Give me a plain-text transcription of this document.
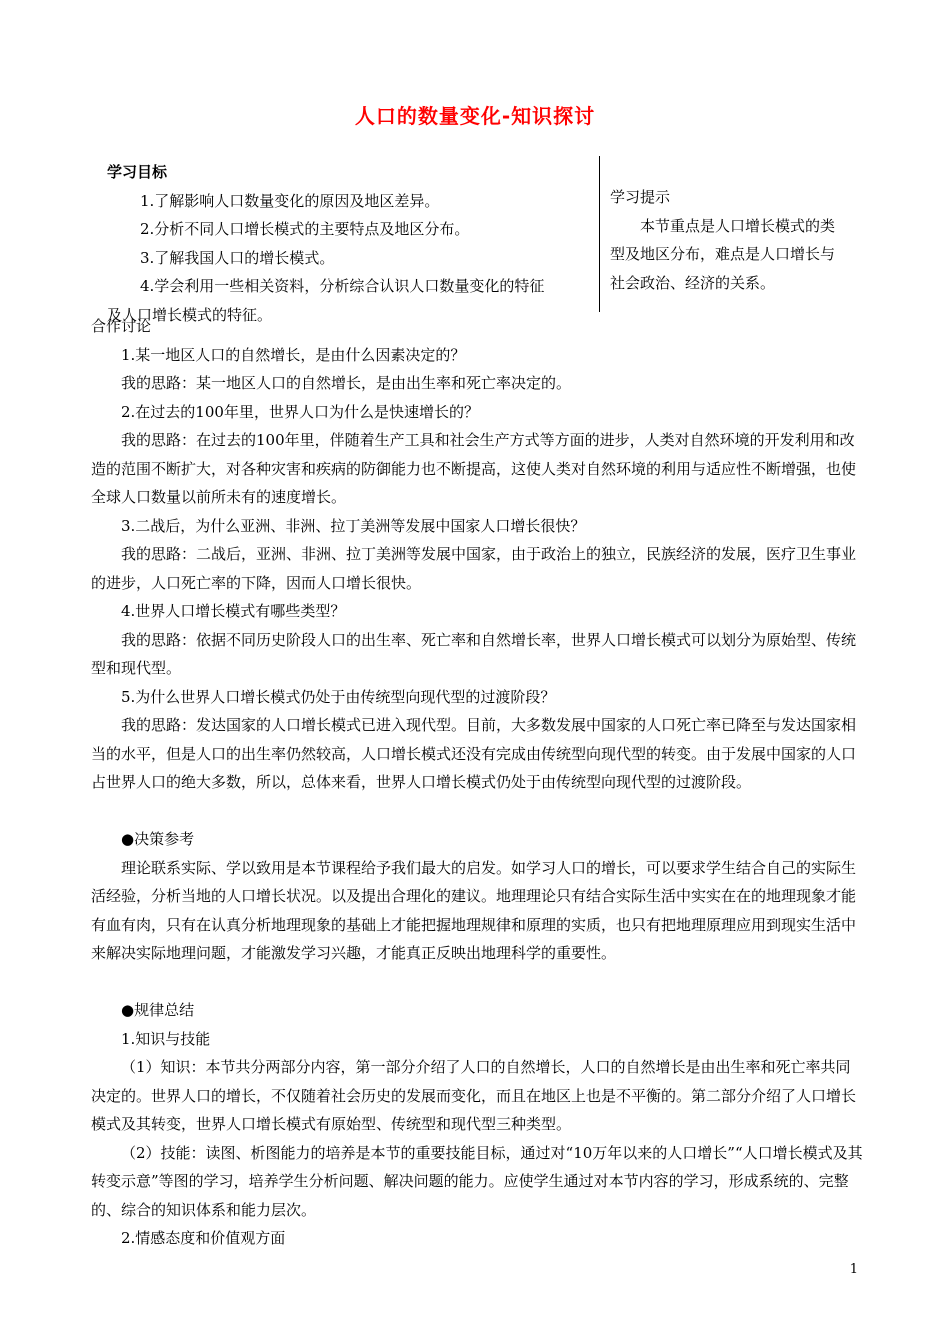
人口的数量变化-知识探讨
学习目标
1.了解影响人口数量变化的原因及地区差异。
2.分析不同人口增长模式的主要特点及地区分布。
3.了解我国人口的增长模式。
4.学会利用一些相关资料，分析综合认识人口数量变化的特征
及人口增长模式的特征。
学习提示
本节重点是人口增长模式的类型及地区分布，难点是人口增长与社会政治、经济的关系。

合作讨论

1.某一地区人口的自然增长，是由什么因素决定的？

我的思路：某一地区人口的自然增长，是由出生率和死亡率决定的。

2.在过去的100年里，世界人口为什么是快速增长的？

我的思路：在过去的100年里，伴随着生产工具和社会生产方式等方面的进步，人类对自然环境的开发利用和改造的范围不断扩大，对各种灾害和疾病的防御能力也不断提高，这使人类对自然环境的利用与适应性不断增强，也使全球人口数量以前所未有的速度增长。

3.二战后，为什么亚洲、非洲、拉丁美洲等发展中国家人口增长很快？

我的思路：二战后，亚洲、非洲、拉丁美洲等发展中国家，由于政治上的独立，民族经济的发展，医疗卫生事业的进步，人口死亡率的下降，因而人口增长很快。

4.世界人口增长模式有哪些类型？

我的思路：依据不同历史阶段人口的出生率、死亡率和自然增长率，世界人口增长模式可以划分为原始型、传统型和现代型。

5.为什么世界人口增长模式仍处于由传统型向现代型的过渡阶段？

我的思路：发达国家的人口增长模式已进入现代型。目前，大多数发展中国家的人口死亡率已降至与发达国家相当的水平，但是人口的出生率仍然较高，人口增长模式还没有完成由传统型向现代型的转变。由于发展中国家的人口占世界人口的绝大多数，所以，总体来看，世界人口增长模式仍处于由传统型向现代型的过渡阶段。

●决策参考

理论联系实际、学以致用是本节课程给予我们最大的启发。如学习人口的增长，可以要求学生结合自己的实际生活经验，分析当地的人口增长状况。以及提出合理化的建议。地理理论只有结合实际生活中实实在在的地理现象才能有血有肉，只有在认真分析地理现象的基础上才能把握地理规律和原理的实质，也只有把地理原理应用到现实生活中来解决实际地理问题，才能激发学习兴趣，才能真正反映出地理科学的重要性。

●规律总结

1.知识与技能

（1）知识：本节共分两部分内容，第一部分介绍了人口的自然增长，人口的自然增长是由出生率和死亡率共同决定的。世界人口的增长，不仅随着社会历史的发展而变化，而且在地区上也是不平衡的。第二部分介绍了人口增长模式及其转变，世界人口增长模式有原始型、传统型和现代型三种类型。

（2）技能：读图、析图能力的培养是本节的重要技能目标，通过对“10万年以来的人口增长”“人口增长模式及其转变示意”等图的学习，培养学生分析问题、解决问题的能力。应使学生通过对本节内容的学习，形成系统的、完整的、综合的知识体系和能力层次。

2.情感态度和价值观方面

1
